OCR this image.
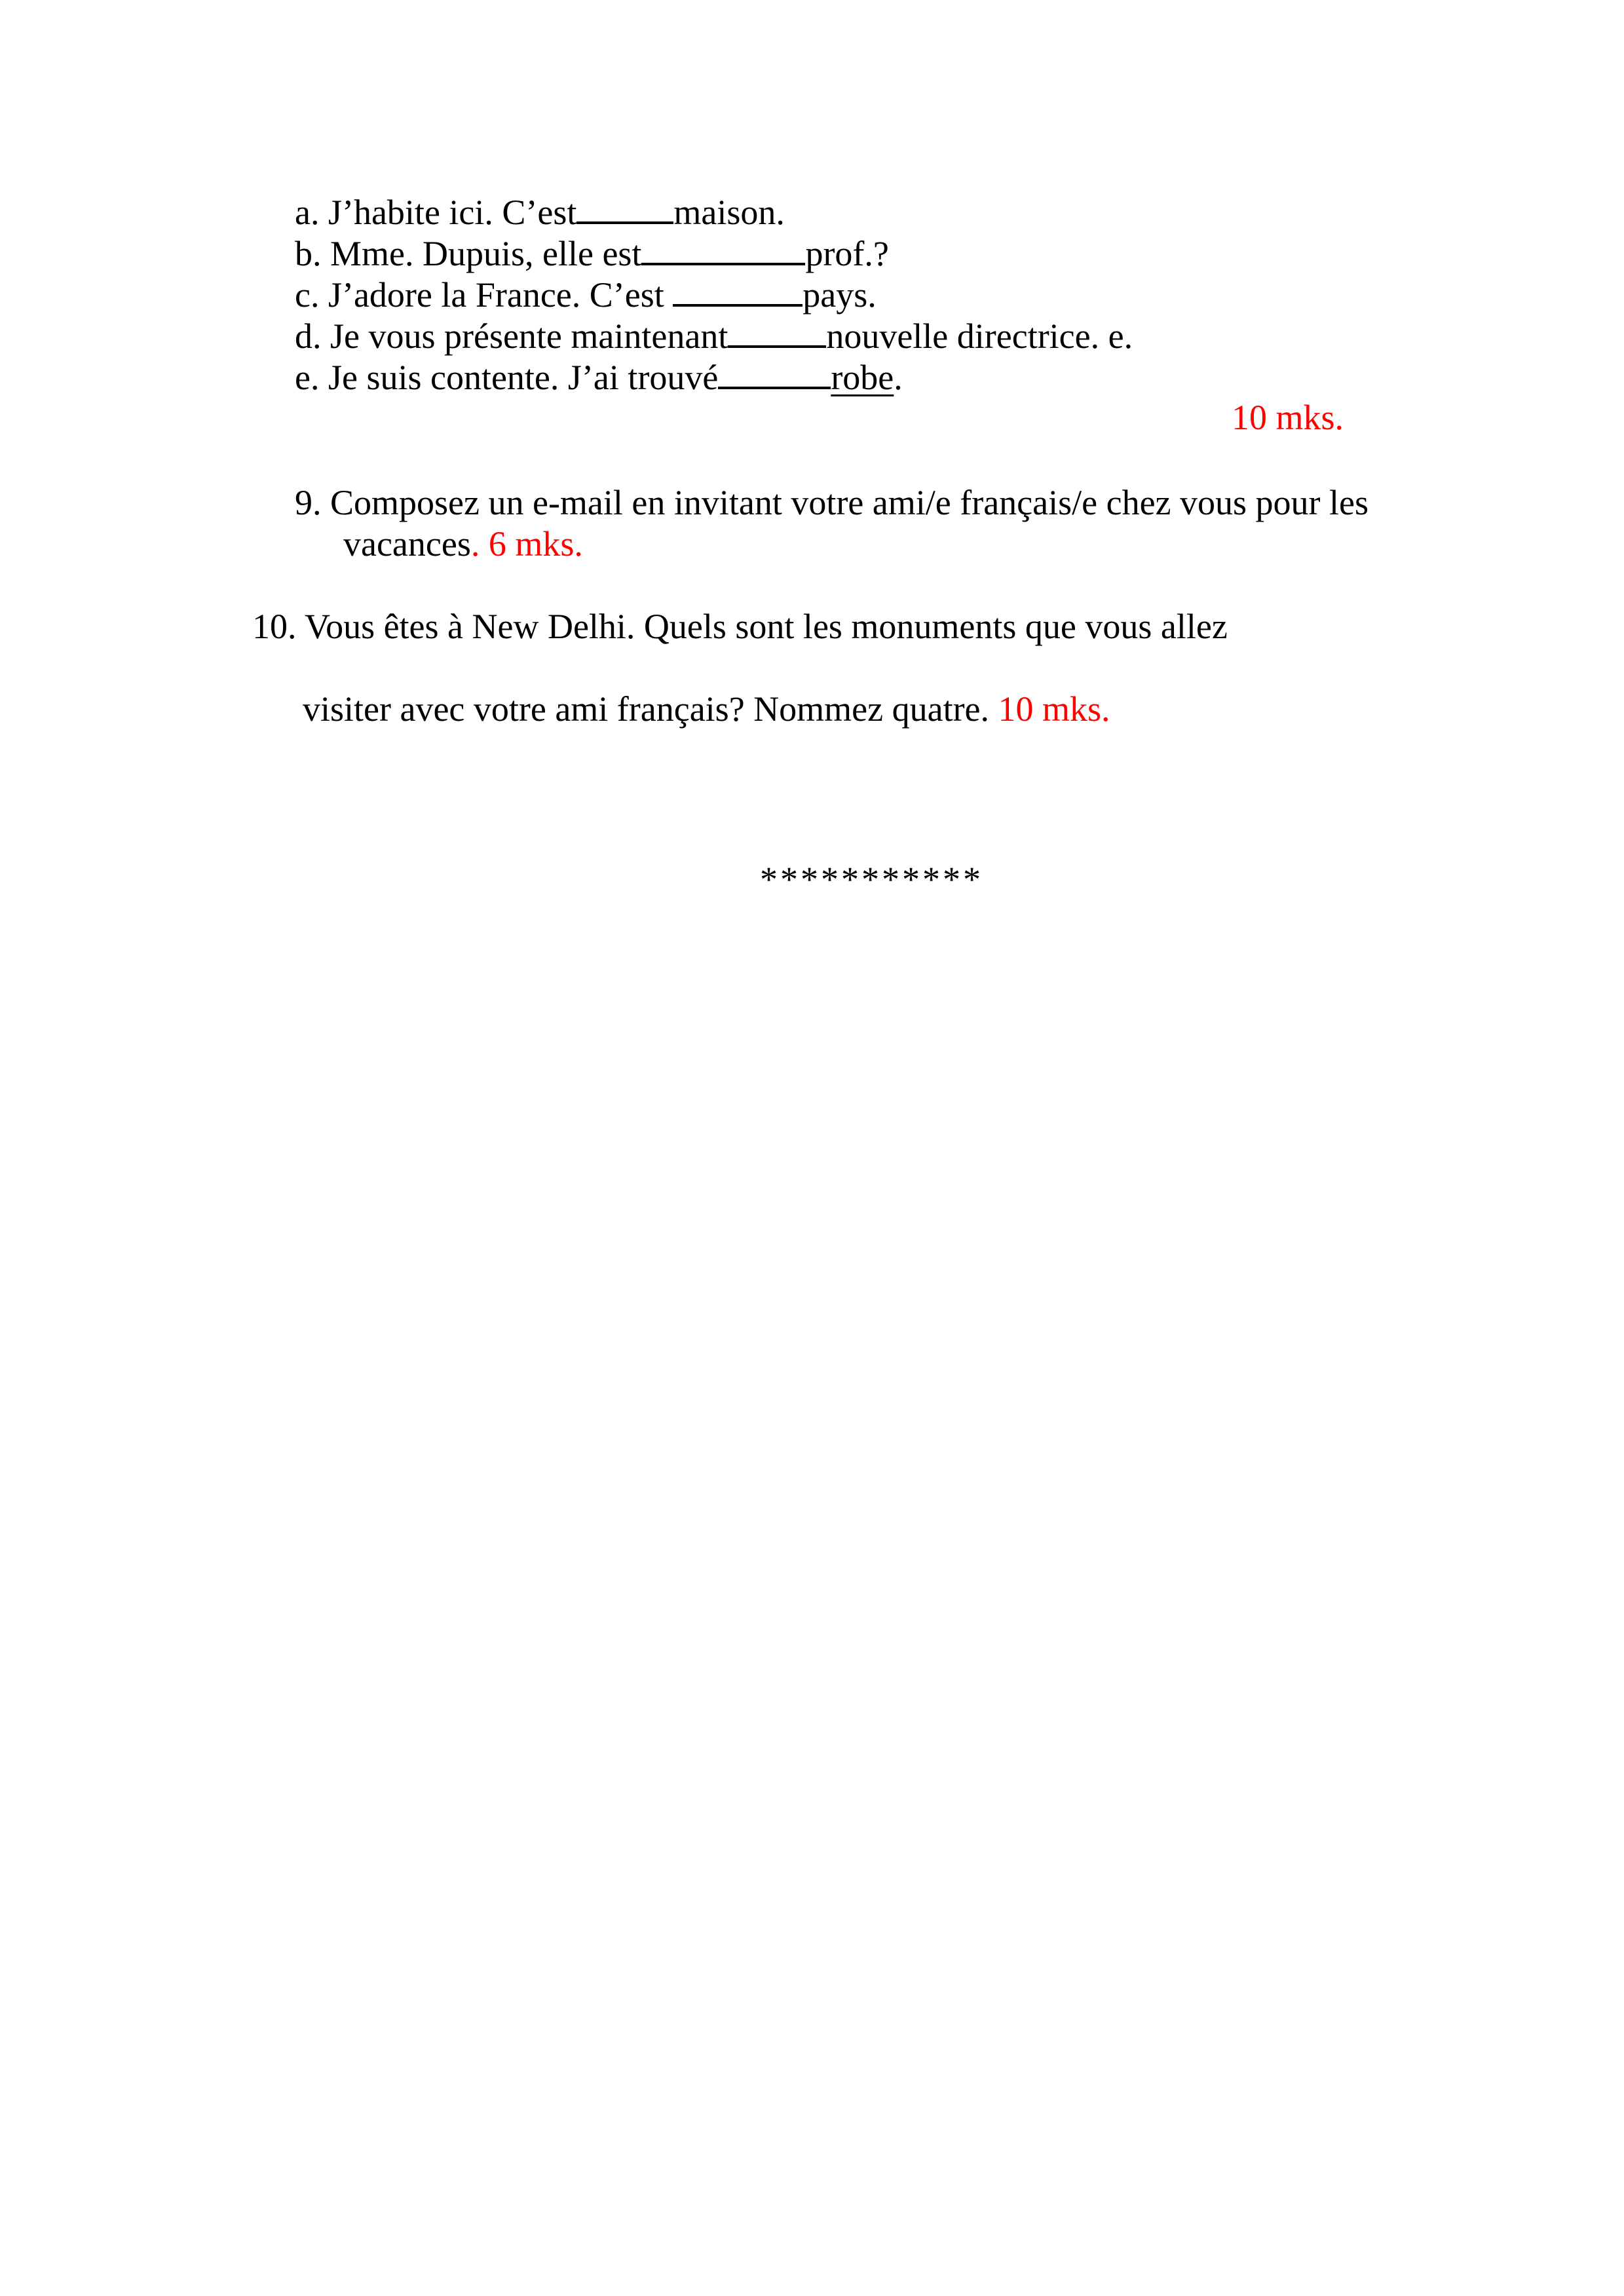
a. J’habite ici. C’est	maison.
b. Mme. Dupuis, elle est	prof.?
c. J’adore la France. C’est	pays.
d. Je vous présente maintenant	nouvelle directrice. e.
e. Je suis contente. J’ai trouvé	robe.
10 mks.
9. Composez un e-mail en invitant votre ami/e français/e chez vous pour les
vacances. 6 mks.
10. Vous êtes à New Delhi. Quels sont les monuments que vous allez
visiter avec votre ami français? Nommez quatre. 10 mks.
***********
